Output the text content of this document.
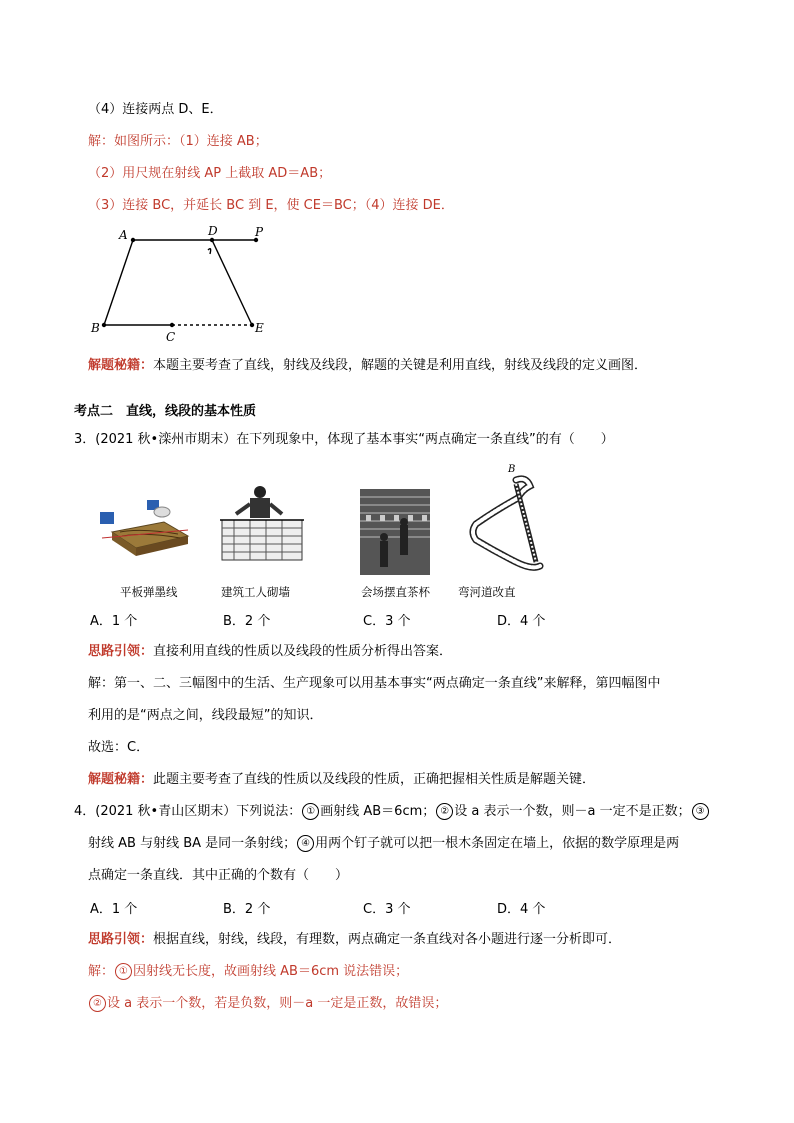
（4）连接两点 D、E．
解：如图所示：（1）连接 AB；
（2）用尺规在射线 AP 上截取 AD＝AB；
（3）连接 BC，并延长 BC 到 E，使 CE＝BC；（4）连接 DE．
A	D	P
B
C
E
解题秘籍：本题主要考查了直线，射线及线段，解题的关键是利用直线，射线及线段的定义画图．
考点二　直线，线段的基本性质
3．(2021 秋•滦州市期末）在下列现象中，体现了基本事实“两点确定一条直线”的有（　　）
B
平板弹墨线	建筑工人砌墙	会场摆直茶杯 弯河道改直
A．1 个	B．2 个	C．3 个	D．4 个
思路引领：直接利用直线的性质以及线段的性质分析得出答案．
解：第一、二、三幅图中的生活、生产现象可以用基本事实“两点确定一条直线”来解释，第四幅图中
利用的是“两点之间，线段最短”的知识．
故选：C．
解题秘籍：此题主要考查了直线的性质以及线段的性质，正确把握相关性质是解题关键．
4．(2021 秋•青山区期末）下列说法： ① 画射线 AB＝6cm； ② 设 a 表示一个数，则－a 一定不是正数； ③
射线 AB 与射线 BA 是同一条射线； ④ 用两个钉子就可以把一根木条固定在墙上，依据的数学原理是两
点确定一条直线．其中正确的个数有（　　）
A．1 个	B．2 个	C．3 个	D．4 个
思路引领：根据直线，射线，线段，有理数，两点确定一条直线对各小题进行逐一分析即可．
解： ① 因射线无长度，故画射线 AB＝6cm 说法错误；
② 设 a 表示一个数，若是负数，则－a 一定是正数，故错误；
